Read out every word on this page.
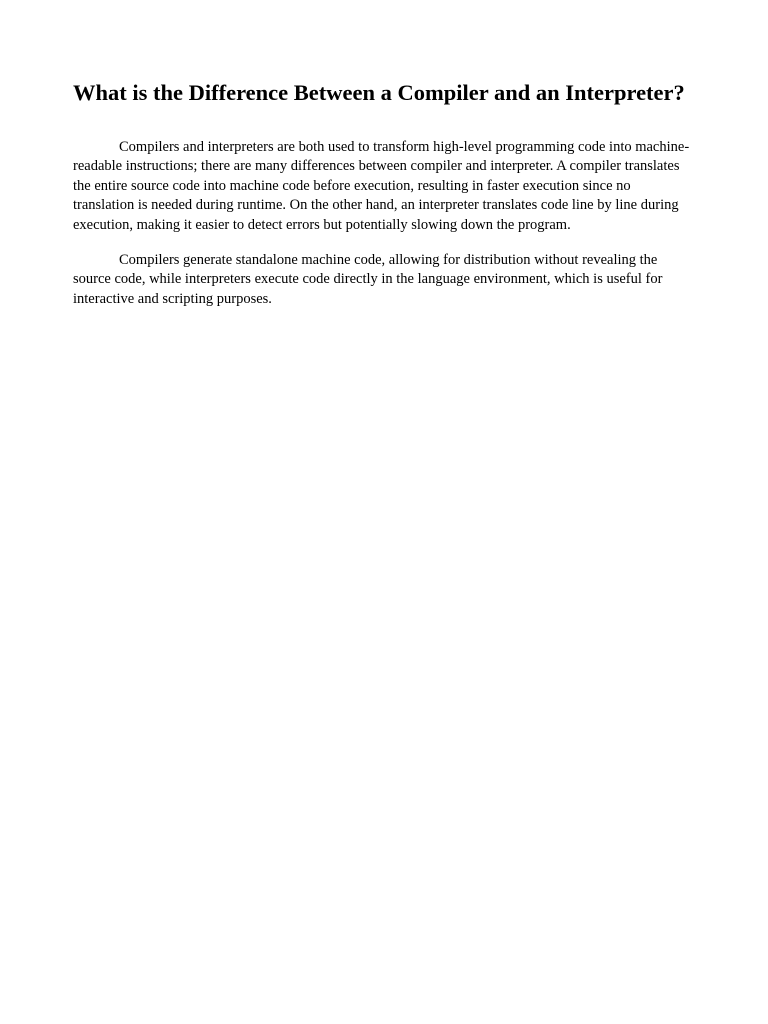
What is the Difference Between a Compiler and an Interpreter?

Compilers and interpreters are both used to transform high-level programming code into machine-readable instructions; there are many differences between compiler and interpreter. A compiler translates the entire source code into machine code before execution, resulting in faster execution since no translation is needed during runtime. On the other hand, an interpreter translates code line by line during execution, making it easier to detect errors but potentially slowing down the program.

Compilers generate standalone machine code, allowing for distribution without revealing the source code, while interpreters execute code directly in the language environment, which is useful for interactive and scripting purposes.
